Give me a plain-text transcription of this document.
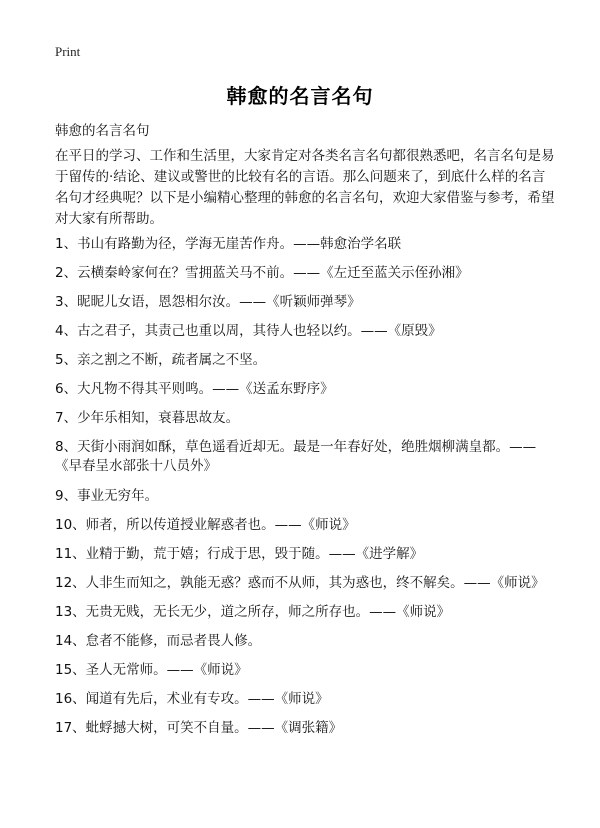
Print
韩愈的名言名句
韩愈的名言名句
在平日的学习、工作和生活里，大家肯定对各类名言名句都很熟悉吧，名言名句是易于留传的·结论、建议或警世的比较有名的言语。那么问题来了，到底什么样的名言名句才经典呢？以下是小编精心整理的韩愈的名言名句，欢迎大家借鉴与参考，希望对大家有所帮助。
1、书山有路勤为径，学海无崖苦作舟。——韩愈治学名联
2、云横秦岭家何在？雪拥蓝关马不前。——《左迁至蓝关示侄孙湘》
3、昵昵儿女语，恩怨相尔汝。——《听颖师弹琴》
4、古之君子，其责己也重以周，其待人也轻以约。——《原毁》
5、亲之割之不断，疏者属之不坚。
6、大凡物不得其平则鸣。——《送孟东野序》
7、少年乐相知，衰暮思故友。
8、天街小雨润如酥，草色遥看近却无。最是一年春好处，绝胜烟柳满皇都。——《早春呈水部张十八员外》
9、事业无穷年。
10、师者，所以传道授业解惑者也。——《师说》
11、业精于勤，荒于嬉；行成于思，毁于随。——《进学解》
12、人非生而知之，孰能无惑？惑而不从师，其为惑也，终不解矣。——《师说》
13、无贵无贱，无长无少，道之所存，师之所存也。——《师说》
14、怠者不能修，而忌者畏人修。
15、圣人无常师。——《师说》
16、闻道有先后，术业有专攻。——《师说》
17、蚍蜉撼大树，可笑不自量。——《调张籍》
